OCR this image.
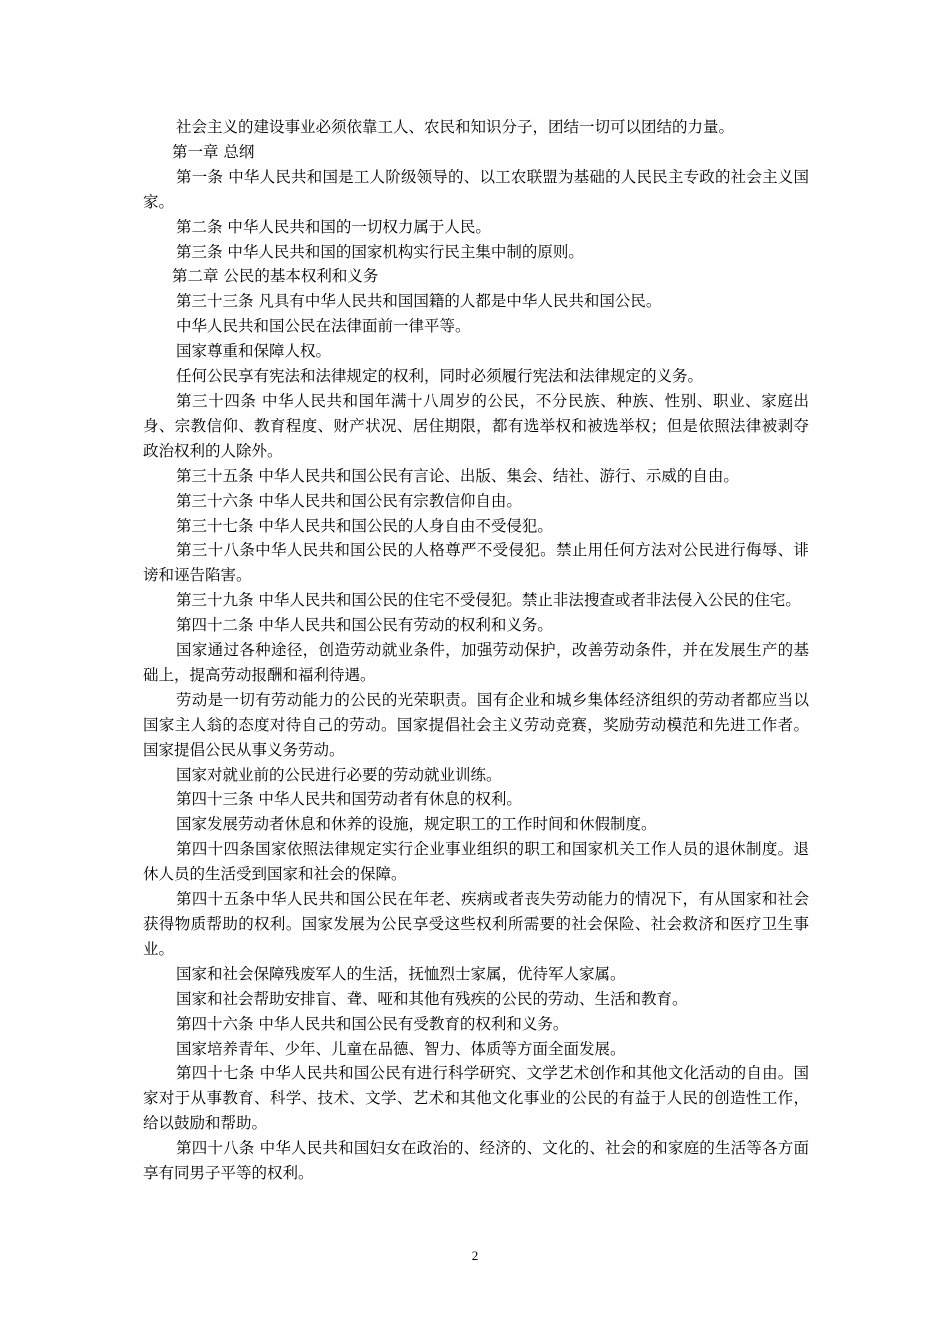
社会主义的建设事业必须依靠工人、农民和知识分子，团结一切可以团结的力量。

第一章 总纲

第一条 中华人民共和国是工人阶级领导的、以工农联盟为基础的人民民主专政的社会主义国家。

第二条 中华人民共和国的一切权力属于人民。

第三条 中华人民共和国的国家机构实行民主集中制的原则。

第二章 公民的基本权利和义务

第三十三条 凡具有中华人民共和国国籍的人都是中华人民共和国公民。

中华人民共和国公民在法律面前一律平等。

国家尊重和保障人权。

任何公民享有宪法和法律规定的权利，同时必须履行宪法和法律规定的义务。

第三十四条 中华人民共和国年满十八周岁的公民，不分民族、种族、性别、职业、家庭出身、宗教信仰、教育程度、财产状况、居住期限，都有选举权和被选举权；但是依照法律被剥夺政治权利的人除外。

第三十五条 中华人民共和国公民有言论、出版、集会、结社、游行、示威的自由。

第三十六条 中华人民共和国公民有宗教信仰自由。

第三十七条 中华人民共和国公民的人身自由不受侵犯。

第三十八条中华人民共和国公民的人格尊严不受侵犯。禁止用任何方法对公民进行侮辱、诽谤和诬告陷害。

第三十九条 中华人民共和国公民的住宅不受侵犯。禁止非法搜查或者非法侵入公民的住宅。

第四十二条 中华人民共和国公民有劳动的权利和义务。

国家通过各种途径，创造劳动就业条件，加强劳动保护，改善劳动条件，并在发展生产的基础上，提高劳动报酬和福利待遇。

劳动是一切有劳动能力的公民的光荣职责。国有企业和城乡集体经济组织的劳动者都应当以国家主人翁的态度对待自己的劳动。国家提倡社会主义劳动竞赛，奖励劳动模范和先进工作者。国家提倡公民从事义务劳动。

国家对就业前的公民进行必要的劳动就业训练。

第四十三条 中华人民共和国劳动者有休息的权利。

国家发展劳动者休息和休养的设施，规定职工的工作时间和休假制度。

第四十四条国家依照法律规定实行企业事业组织的职工和国家机关工作人员的退休制度。退休人员的生活受到国家和社会的保障。

第四十五条中华人民共和国公民在年老、疾病或者丧失劳动能力的情况下，有从国家和社会获得物质帮助的权利。国家发展为公民享受这些权利所需要的社会保险、社会救济和医疗卫生事业。

国家和社会保障残废军人的生活，抚恤烈士家属，优待军人家属。

国家和社会帮助安排盲、聋、哑和其他有残疾的公民的劳动、生活和教育。

第四十六条 中华人民共和国公民有受教育的权利和义务。

国家培养青年、少年、儿童在品德、智力、体质等方面全面发展。

第四十七条 中华人民共和国公民有进行科学研究、文学艺术创作和其他文化活动的自由。国家对于从事教育、科学、技术、文学、艺术和其他文化事业的公民的有益于人民的创造性工作，给以鼓励和帮助。

第四十八条 中华人民共和国妇女在政治的、经济的、文化的、社会的和家庭的生活等各方面享有同男子平等的权利。

2
